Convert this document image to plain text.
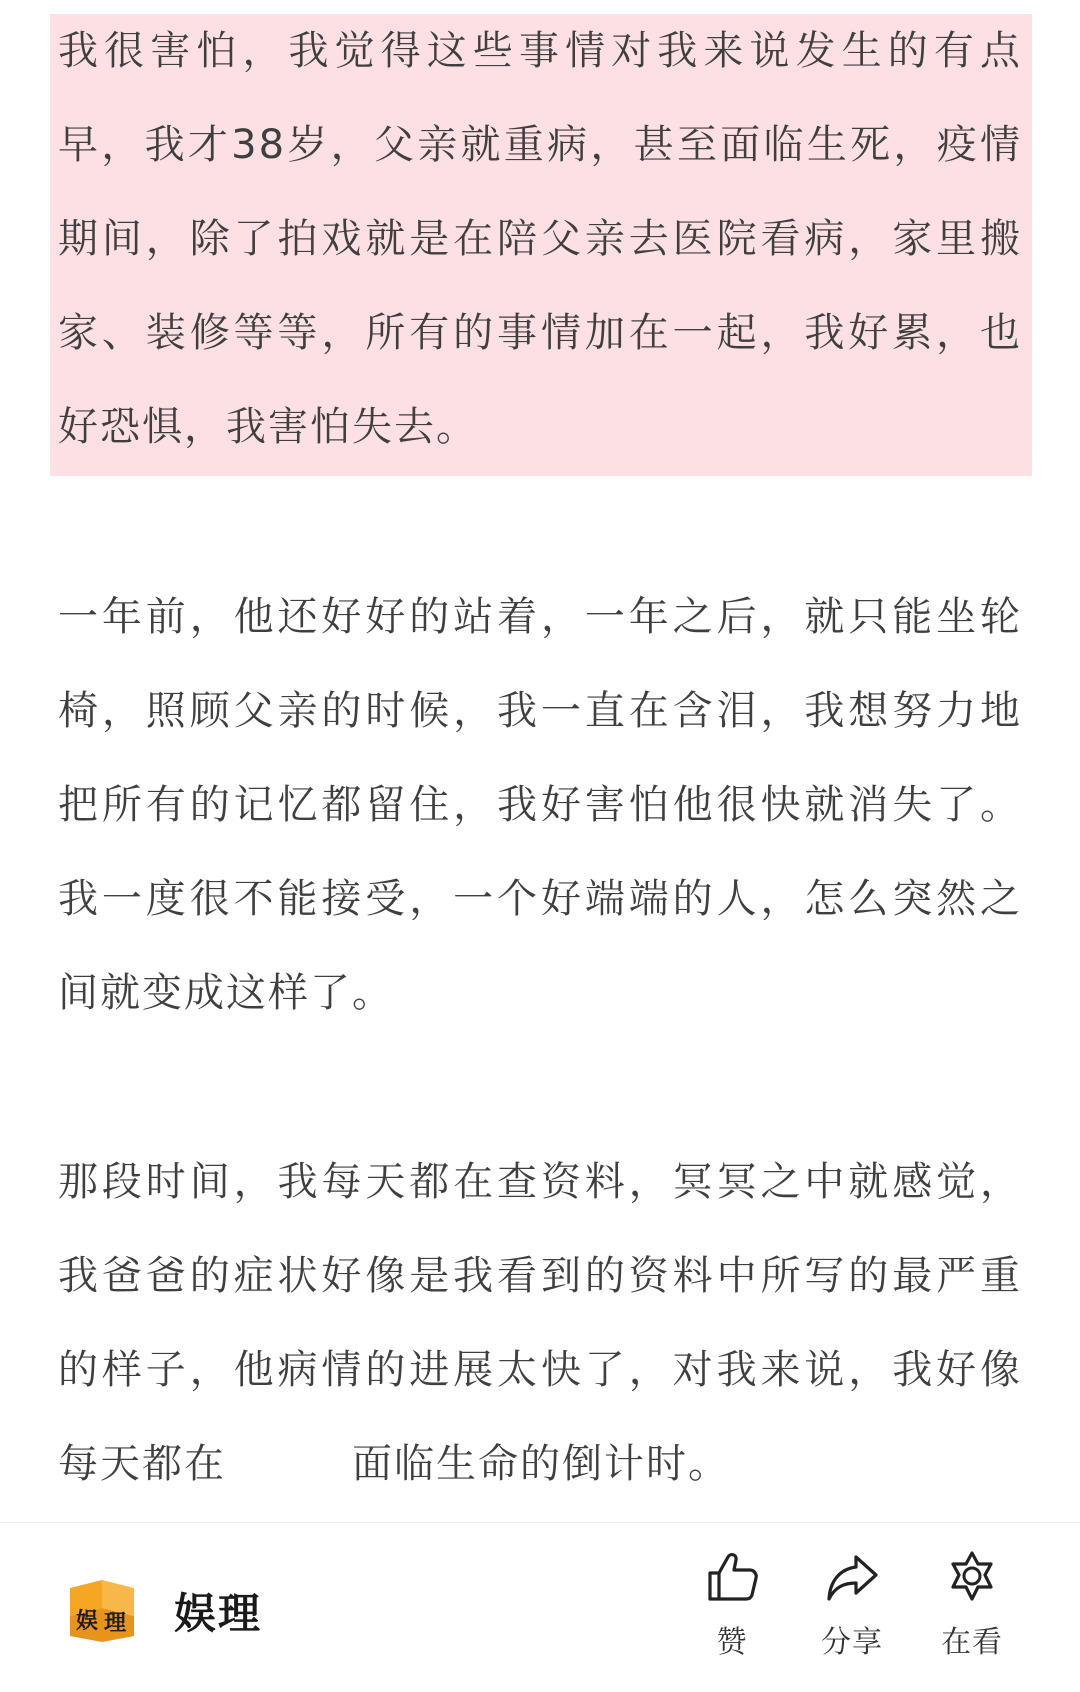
我很害怕，我觉得这些事情对我来说发生的有点早，我才38岁，父亲就重病，甚至面临生死，疫情期间，除了拍戏就是在陪父亲去医院看病，家里搬家、装修等等，所有的事情加在一起，我好累，也好恐惧，我害怕失去。

一年前，他还好好的站着，一年之后，就只能坐轮椅，照顾父亲的时候，我一直在含泪，我想努力地把所有的记忆都留住，我好害怕他很快就消失了。我一度很不能接受，一个好端端的人，怎么突然之间就变成这样了。

那段时间，我每天都在查资料，冥冥之中就感觉，我爸爸的症状好像是我看到的资料中所写的最严重的样子，他病情的进展太快了，对我来说，我好像每天都在　　　面临生命的倒计时。

娱 理 娱理
赞	分享	在看
